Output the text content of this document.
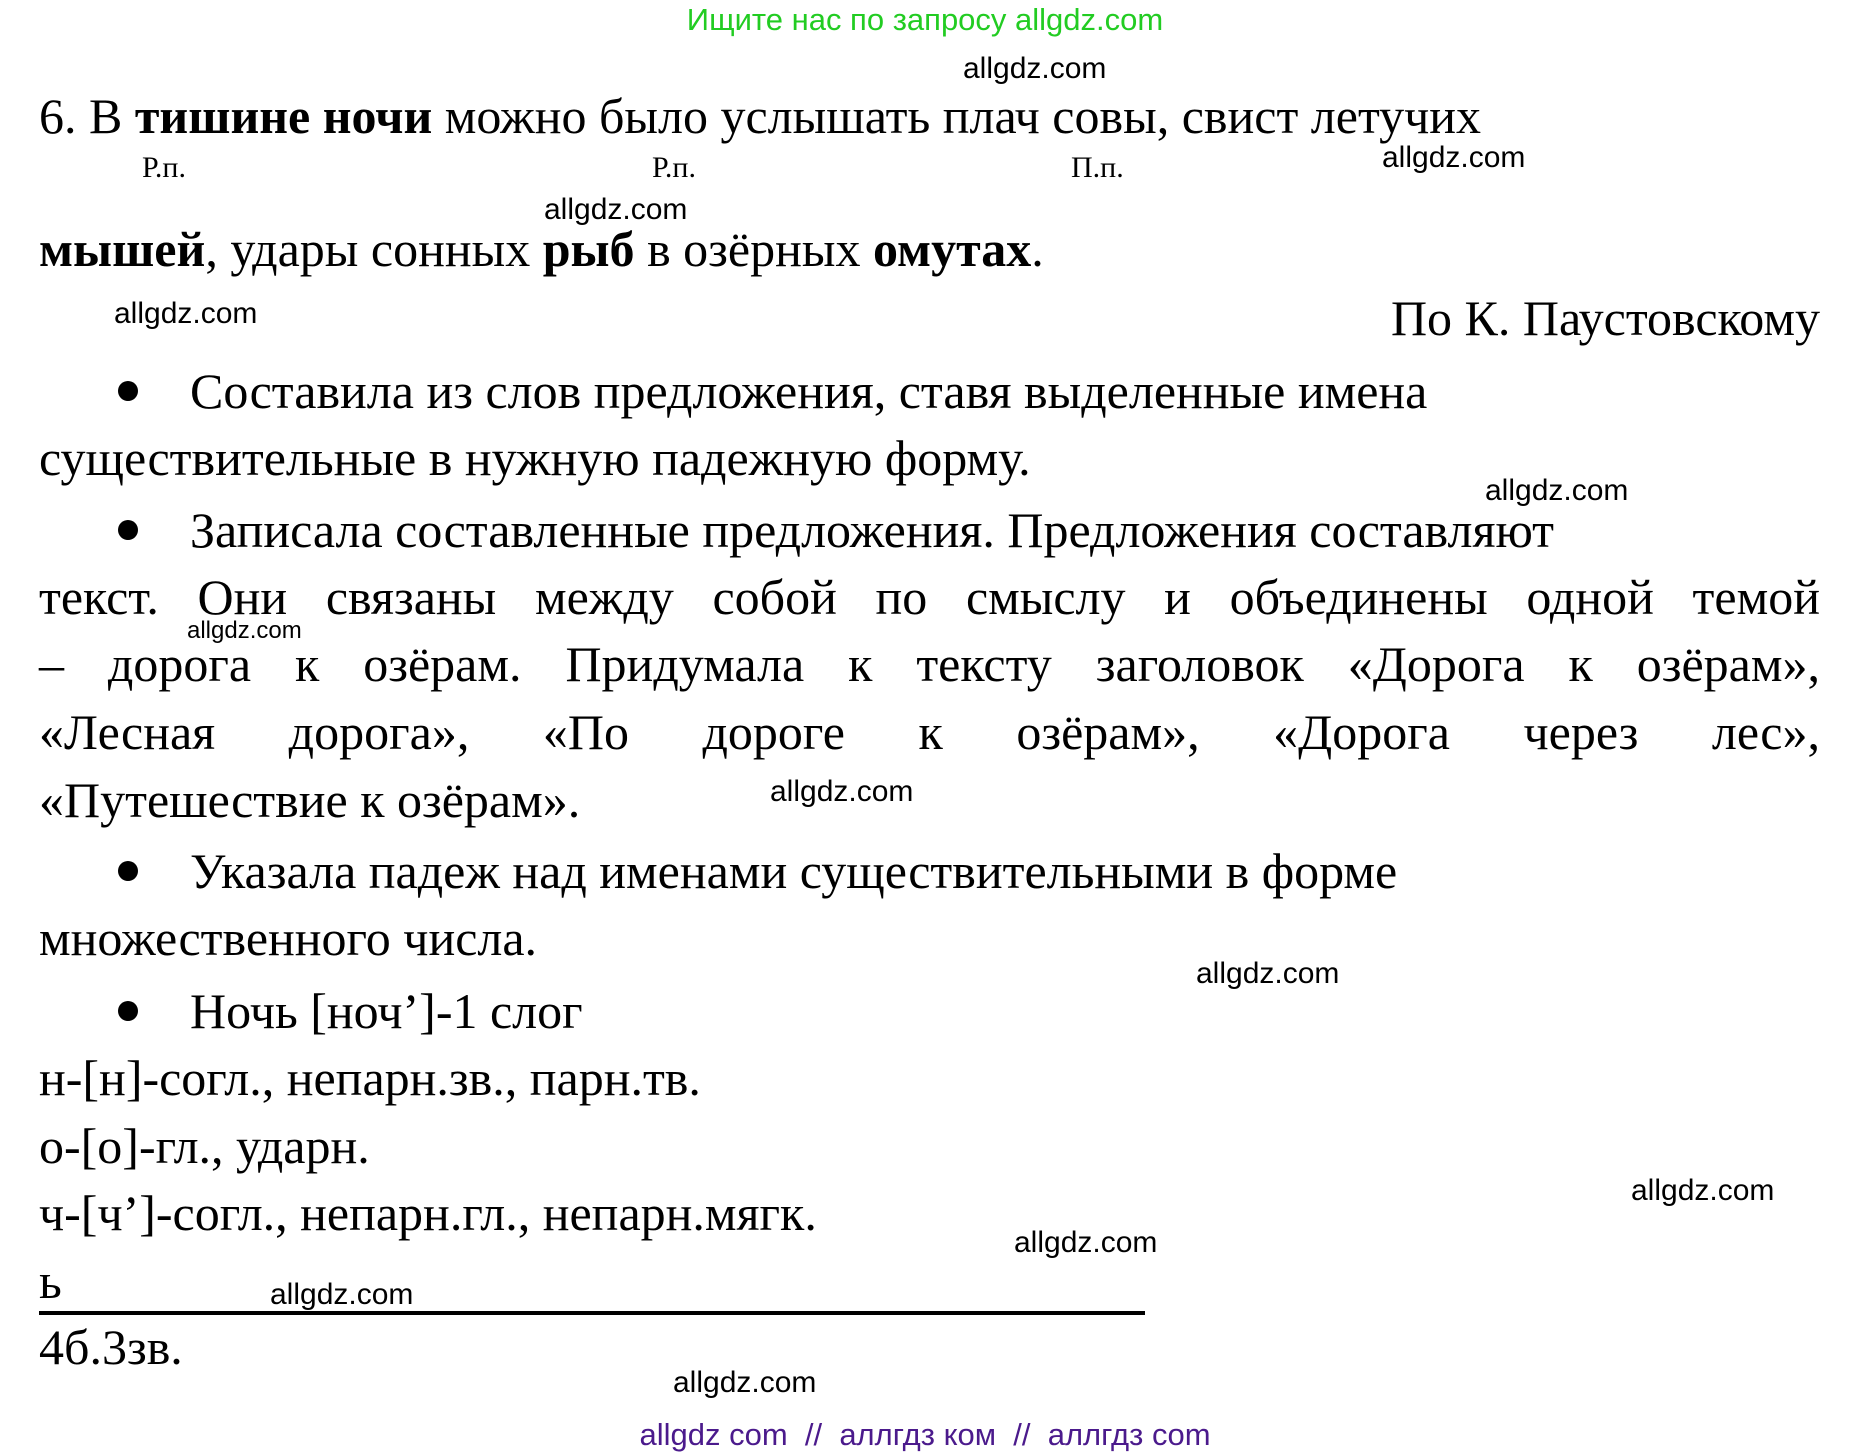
Ищите нас по запросу allgdz.com
allgdz.com
allgdz.com
allgdz.com
allgdz.com
allgdz.com
allgdz.com
allgdz.com
allgdz.com
allgdz.com
allgdz.com
allgdz.com
allgdz.com
6. В тишине ночи можно было услышать плач совы, свист летучих
Р.п.	Р.п.	П.п.
мышей, удары сонных рыб в озёрных омутах.
По К. Паустовскому
Составила из слов предложения, ставя выделенные имена
существительные в нужную падежную форму.
Записала составленные предложения. Предложения составляют
текст. Они связаны между собой по смыслу и объединены одной темой
– дорога к озёрам. Придумала к тексту заголовок «Дорога к озёрам»,
«Лесная дорога», «По дороге к озёрам», «Дорога через лес»,
«Путешествие к озёрам».
Указала падеж над именами существительными в форме
множественного числа.
Ночь [ноч’]-1 слог
н-[н]-согл., непарн.зв., парн.тв.
о-[о]-гл., ударн.
ч-[ч’]-согл., непарн.гл., непарн.мягк.
ь
4б.3зв.
allgdz com  //  аллгдз ком  //  аллгдз com
